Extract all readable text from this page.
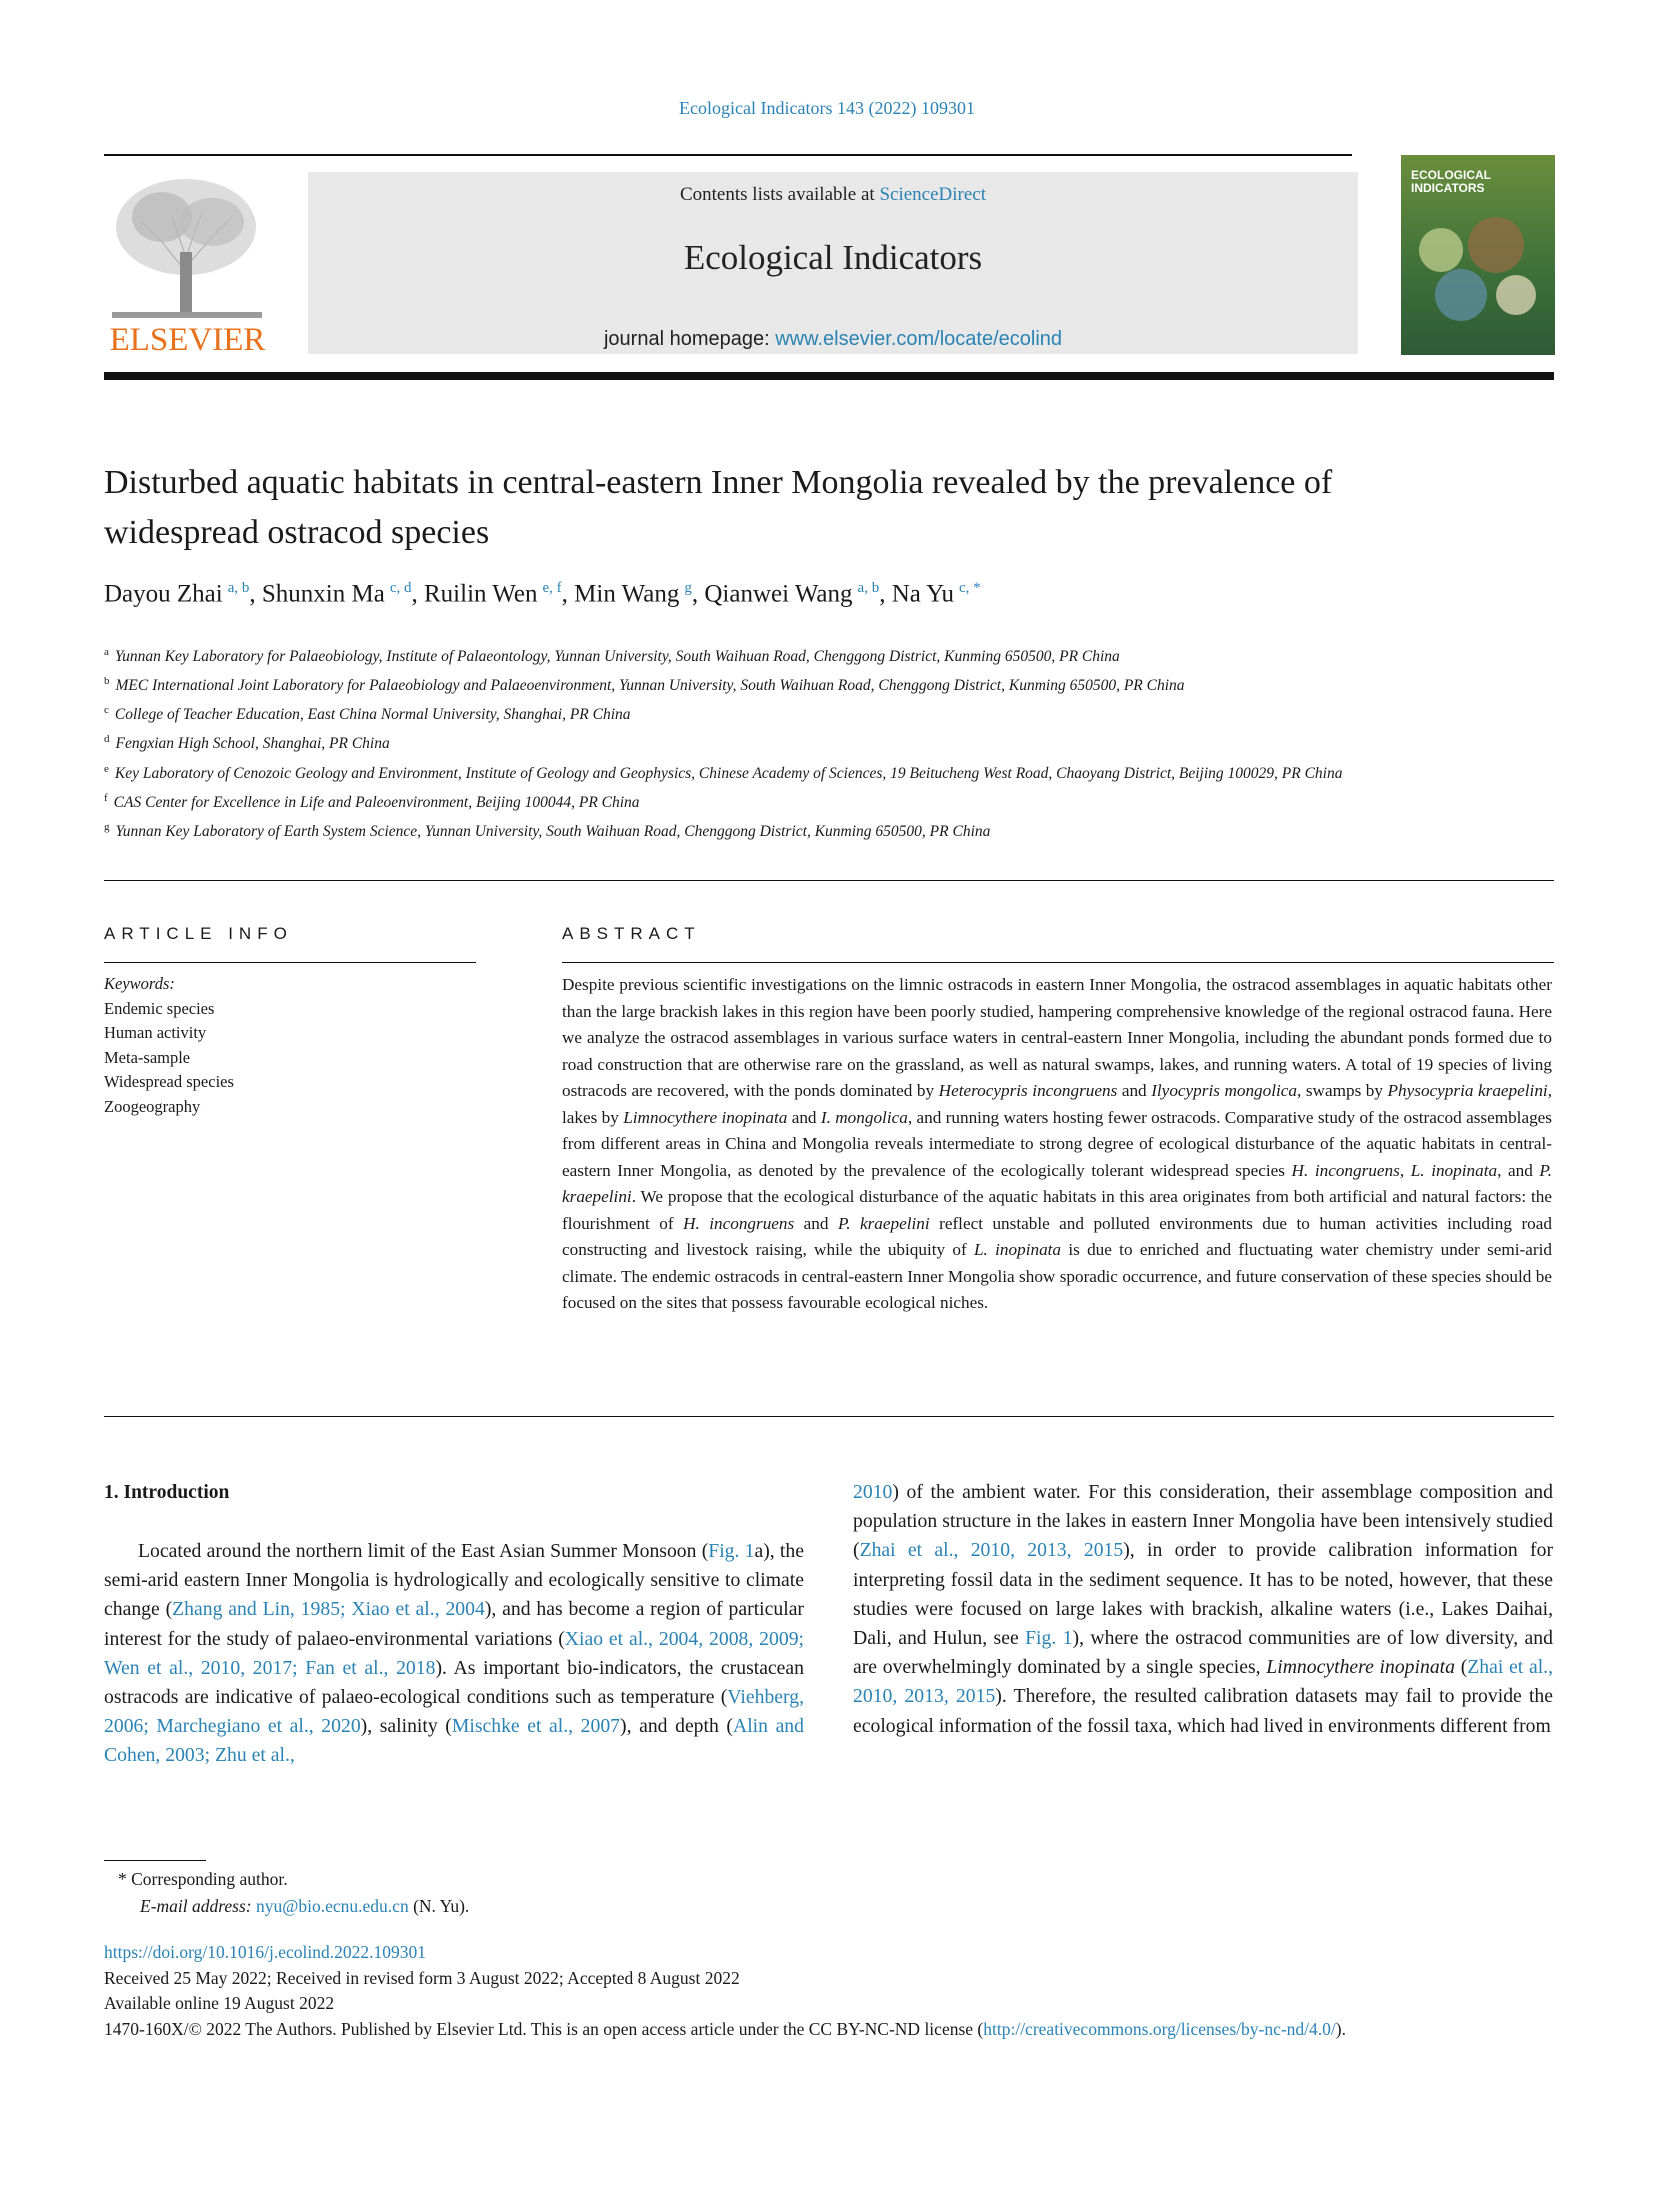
Ecological Indicators 143 (2022) 109301
ELSEVIER
Contents lists available at ScienceDirect
Ecological Indicators
journal homepage: www.elsevier.com/locate/ecolind
ECOLOGICAL INDICATORS
Disturbed aquatic habitats in central-eastern Inner Mongolia revealed by the prevalence of widespread ostracod species
Dayou Zhai $^{a, b}$, Shunxin Ma $^{c, d}$, Ruilin Wen $^{e, f}$, Min Wang $^g$, Qianwei Wang $^{a, b}$, Na Yu $^{c, *}$
$^a$ Yunnan Key Laboratory for Palaeobiology, Institute of Palaeontology, Yunnan University, South Waihuan Road, Chenggong District, Kunming 650500, PR China
$^b$ MEC International Joint Laboratory for Palaeobiology and Palaeoenvironment, Yunnan University, South Waihuan Road, Chenggong District, Kunming 650500, PR China
$^c$ College of Teacher Education, East China Normal University, Shanghai, PR China
$^d$ Fengxian High School, Shanghai, PR China
$^e$ Key Laboratory of Cenozoic Geology and Environment, Institute of Geology and Geophysics, Chinese Academy of Sciences, 19 Beitucheng West Road, Chaoyang District, Beijing 100029, PR China
$^f$ CAS Center for Excellence in Life and Paleoenvironment, Beijing 100044, PR China
$^g$ Yunnan Key Laboratory of Earth System Science, Yunnan University, South Waihuan Road, Chenggong District, Kunming 650500, PR China
ARTICLE INFO
Keywords:
Endemic species
Human activity
Meta-sample
Widespread species
Zoogeography
ABSTRACT
Despite previous scientific investigations on the limnic ostracods in eastern Inner Mongolia, the ostracod assemblages in aquatic habitats other than the large brackish lakes in this region have been poorly studied, hampering comprehensive knowledge of the regional ostracod fauna. Here we analyze the ostracod assemblages in various surface waters in central-eastern Inner Mongolia, including the abundant ponds formed due to road construction that are otherwise rare on the grassland, as well as natural swamps, lakes, and running waters. A total of 19 species of living ostracods are recovered, with the ponds dominated by Heterocypris incongruens and Ilyocypris mongolica, swamps by Physocypria kraepelini, lakes by Limnocythere inopinata and I. mongolica, and running waters hosting fewer ostracods. Comparative study of the ostracod assemblages from different areas in China and Mongolia reveals intermediate to strong degree of ecological disturbance of the aquatic habitats in central-eastern Inner Mongolia, as denoted by the prevalence of the ecologically tolerant widespread species H. incongruens, L. inopinata, and P. kraepelini. We propose that the ecological disturbance of the aquatic habitats in this area originates from both artificial and natural factors: the flourishment of H. incongruens and P. kraepelini reflect unstable and polluted environments due to human activities including road constructing and livestock raising, while the ubiquity of L. inopinata is due to enriched and fluctuating water chemistry under semi-arid climate. The endemic ostracods in central-eastern Inner Mongolia show sporadic occurrence, and future conservation of these species should be focused on the sites that possess favourable ecological niches.
1. Introduction
Located around the northern limit of the East Asian Summer Monsoon (Fig. 1a), the semi-arid eastern Inner Mongolia is hydrologically and ecologically sensitive to climate change (Zhang and Lin, 1985; Xiao et al., 2004), and has become a region of particular interest for the study of palaeo-environmental variations (Xiao et al., 2004, 2008, 2009; Wen et al., 2010, 2017; Fan et al., 2018). As important bio-indicators, the crustacean ostracods are indicative of palaeo-ecological conditions such as temperature (Viehberg, 2006; Marchegiano et al., 2020), salinity (Mischke et al., 2007), and depth (Alin and Cohen, 2003; Zhu et al.,
2010) of the ambient water. For this consideration, their assemblage composition and population structure in the lakes in eastern Inner Mongolia have been intensively studied (Zhai et al., 2010, 2013, 2015), in order to provide calibration information for interpreting fossil data in the sediment sequence. It has to be noted, however, that these studies were focused on large lakes with brackish, alkaline waters (i.e., Lakes Daihai, Dali, and Hulun, see Fig. 1), where the ostracod communities are of low diversity, and are overwhelmingly dominated by a single species, Limnocythere inopinata (Zhai et al., 2010, 2013, 2015). Therefore, the resulted calibration datasets may fail to provide the ecological information of the fossil taxa, which had lived in environments different from
* Corresponding author.
E-mail address: nyu@bio.ecnu.edu.cn (N. Yu).
https://doi.org/10.1016/j.ecolind.2022.109301
Received 25 May 2022; Received in revised form 3 August 2022; Accepted 8 August 2022
Available online 19 August 2022
1470-160X/© 2022 The Authors. Published by Elsevier Ltd. This is an open access article under the CC BY-NC-ND license (http://creativecommons.org/licenses/by-nc-nd/4.0/).
